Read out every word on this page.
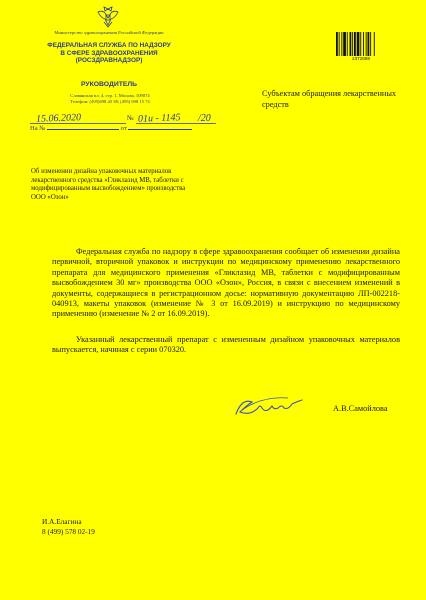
Министерство здравоохранения Российской Федерации
ФЕДЕРАЛЬНАЯ СЛУЖБА ПО НАДЗОРУ
В СФЕРЕ ЗДРАВООХРАНЕНИЯ
(РОСЗДРАВНАДЗОР)
РУКОВОДИТЕЛЬ
Славянская пл. 4, стр. 1, Москва, 109074
Телефон: (495)698 45 38; (495) 698 15 74
№
15.06.2020	01u - 1145 /20
На №	от
2372889
Субъектам обращения лекарственных средств
Об изменении дизайна упаковочных материалов лекарственного средства «Гликлазид МВ, таблетки с модифицированным высвобождением» производства ООО «Озон»

Федеральная служба по надзору в сфере здравоохранения сообщает об изменении дизайна первичной, вторичной упаковок и инструкции по медицинскому применению лекарственного препарата для медицинского применения «Гликлазид МВ, таблетки с модифицированным высвобождением 30 мг» производства ООО «Озон», Россия, в связи с внесением изменений в документы, содержащиеся в регистрационном досье: нормативную документацию ЛП-002218-040913, макеты упаковок (изменение № 3 от 16.09.2019) и инструкцию по медицинскому применению (изменение № 2 от 16.09.2019).

Указанный лекарственный препарат с измененным дизайном упаковочных материалов выпускается, начиная с серии 070320.

А.В.Самойлова
И.А.Елагина
8 (499) 578 02-19
